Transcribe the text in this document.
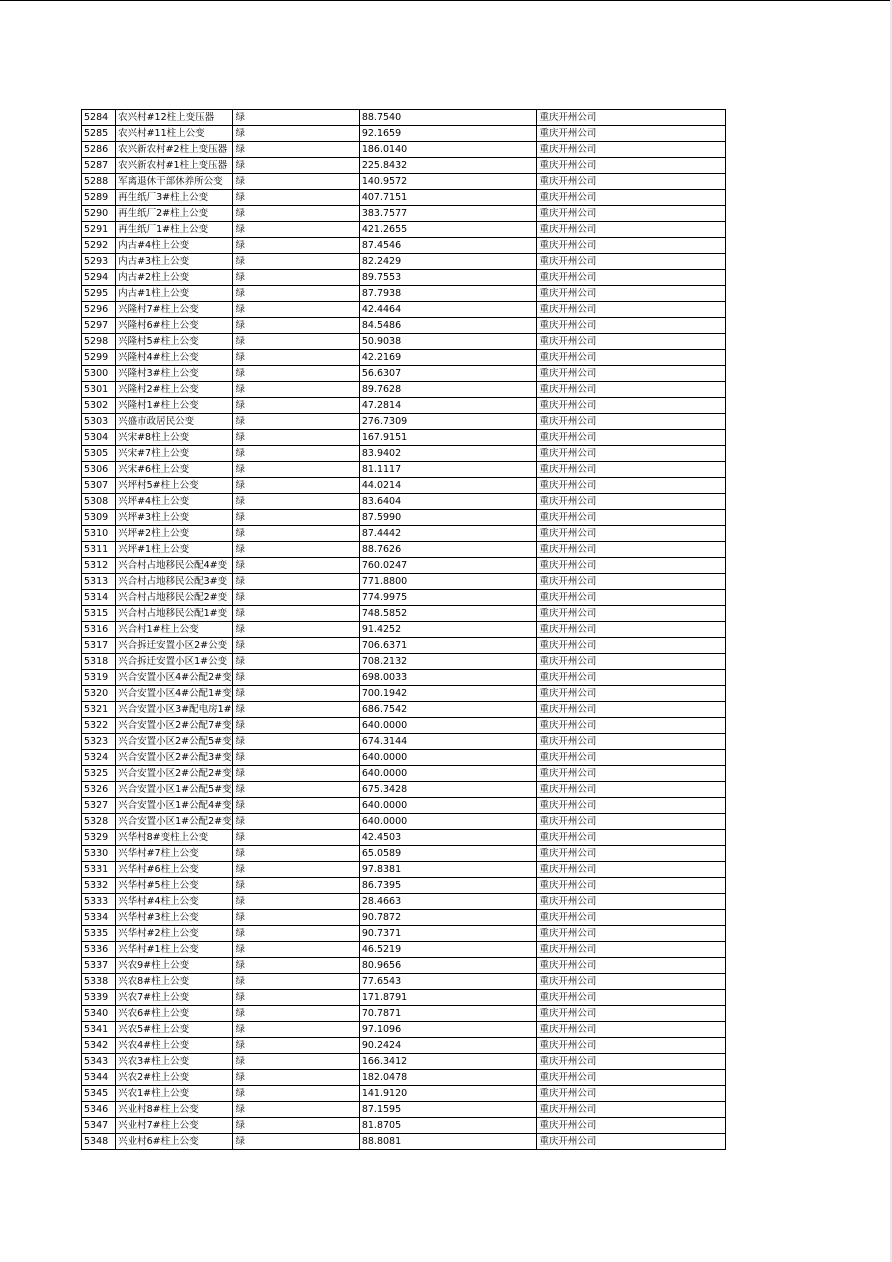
5284	农兴村#12柱上变压器	绿	88.7540	重庆开州公司
5285	农兴村#11柱上公变	绿	92.1659	重庆开州公司
5286	农兴新农村#2柱上变压器	绿	186.0140	重庆开州公司
5287	农兴新农村#1柱上变压器	绿	225.8432	重庆开州公司
5288	军离退休干部休养所公变	绿	140.9572	重庆开州公司
5289	再生纸厂3#柱上公变	绿	407.7151	重庆开州公司
5290	再生纸厂2#柱上公变	绿	383.7577	重庆开州公司
5291	再生纸厂1#柱上公变	绿	421.2655	重庆开州公司
5292	内古#4柱上公变	绿	87.4546	重庆开州公司
5293	内古#3柱上公变	绿	82.2429	重庆开州公司
5294	内古#2柱上公变	绿	89.7553	重庆开州公司
5295	内古#1柱上公变	绿	87.7938	重庆开州公司
5296	兴隆村7#柱上公变	绿	42.4464	重庆开州公司
5297	兴隆村6#柱上公变	绿	84.5486	重庆开州公司
5298	兴隆村5#柱上公变	绿	50.9038	重庆开州公司
5299	兴隆村4#柱上公变	绿	42.2169	重庆开州公司
5300	兴隆村3#柱上公变	绿	56.6307	重庆开州公司
5301	兴隆村2#柱上公变	绿	89.7628	重庆开州公司
5302	兴隆村1#柱上公变	绿	47.2814	重庆开州公司
5303	兴盛市政居民公变	绿	276.7309	重庆开州公司
5304	兴宋#8柱上公变	绿	167.9151	重庆开州公司
5305	兴宋#7柱上公变	绿	83.9402	重庆开州公司
5306	兴宋#6柱上公变	绿	81.1117	重庆开州公司
5307	兴坪村5#柱上公变	绿	44.0214	重庆开州公司
5308	兴坪#4柱上公变	绿	83.6404	重庆开州公司
5309	兴坪#3柱上公变	绿	87.5990	重庆开州公司
5310	兴坪#2柱上公变	绿	87.4442	重庆开州公司
5311	兴坪#1柱上公变	绿	88.7626	重庆开州公司
5312	兴合村占地移民公配4#变	绿	760.0247	重庆开州公司
5313	兴合村占地移民公配3#变	绿	771.8800	重庆开州公司
5314	兴合村占地移民公配2#变	绿	774.9975	重庆开州公司
5315	兴合村占地移民公配1#变	绿	748.5852	重庆开州公司
5316	兴合村1#柱上公变	绿	91.4252	重庆开州公司
5317	兴合拆迁安置小区2#公变	绿	706.6371	重庆开州公司
5318	兴合拆迁安置小区1#公变	绿	708.2132	重庆开州公司
5319	兴合安置小区4#公配2#变	绿	698.0033	重庆开州公司
5320	兴合安置小区4#公配1#变	绿	700.1942	重庆开州公司
5321	兴合安置小区3#配电房1#	绿	686.7542	重庆开州公司
5322	兴合安置小区2#公配7#变	绿	640.0000	重庆开州公司
5323	兴合安置小区2#公配5#变	绿	674.3144	重庆开州公司
5324	兴合安置小区2#公配3#变	绿	640.0000	重庆开州公司
5325	兴合安置小区2#公配2#变	绿	640.0000	重庆开州公司
5326	兴合安置小区1#公配5#变	绿	675.3428	重庆开州公司
5327	兴合安置小区1#公配4#变	绿	640.0000	重庆开州公司
5328	兴合安置小区1#公配2#变	绿	640.0000	重庆开州公司
5329	兴华村8#变柱上公变	绿	42.4503	重庆开州公司
5330	兴华村#7柱上公变	绿	65.0589	重庆开州公司
5331	兴华村#6柱上公变	绿	97.8381	重庆开州公司
5332	兴华村#5柱上公变	绿	86.7395	重庆开州公司
5333	兴华村#4柱上公变	绿	28.4663	重庆开州公司
5334	兴华村#3柱上公变	绿	90.7872	重庆开州公司
5335	兴华村#2柱上公变	绿	90.7371	重庆开州公司
5336	兴华村#1柱上公变	绿	46.5219	重庆开州公司
5337	兴农9#柱上公变	绿	80.9656	重庆开州公司
5338	兴农8#柱上公变	绿	77.6543	重庆开州公司
5339	兴农7#柱上公变	绿	171.8791	重庆开州公司
5340	兴农6#柱上公变	绿	70.7871	重庆开州公司
5341	兴农5#柱上公变	绿	97.1096	重庆开州公司
5342	兴农4#柱上公变	绿	90.2424	重庆开州公司
5343	兴农3#柱上公变	绿	166.3412	重庆开州公司
5344	兴农2#柱上公变	绿	182.0478	重庆开州公司
5345	兴农1#柱上公变	绿	141.9120	重庆开州公司
5346	兴业村8#柱上公变	绿	87.1595	重庆开州公司
5347	兴业村7#柱上公变	绿	81.8705	重庆开州公司
5348	兴业村6#柱上公变	绿	88.8081	重庆开州公司
